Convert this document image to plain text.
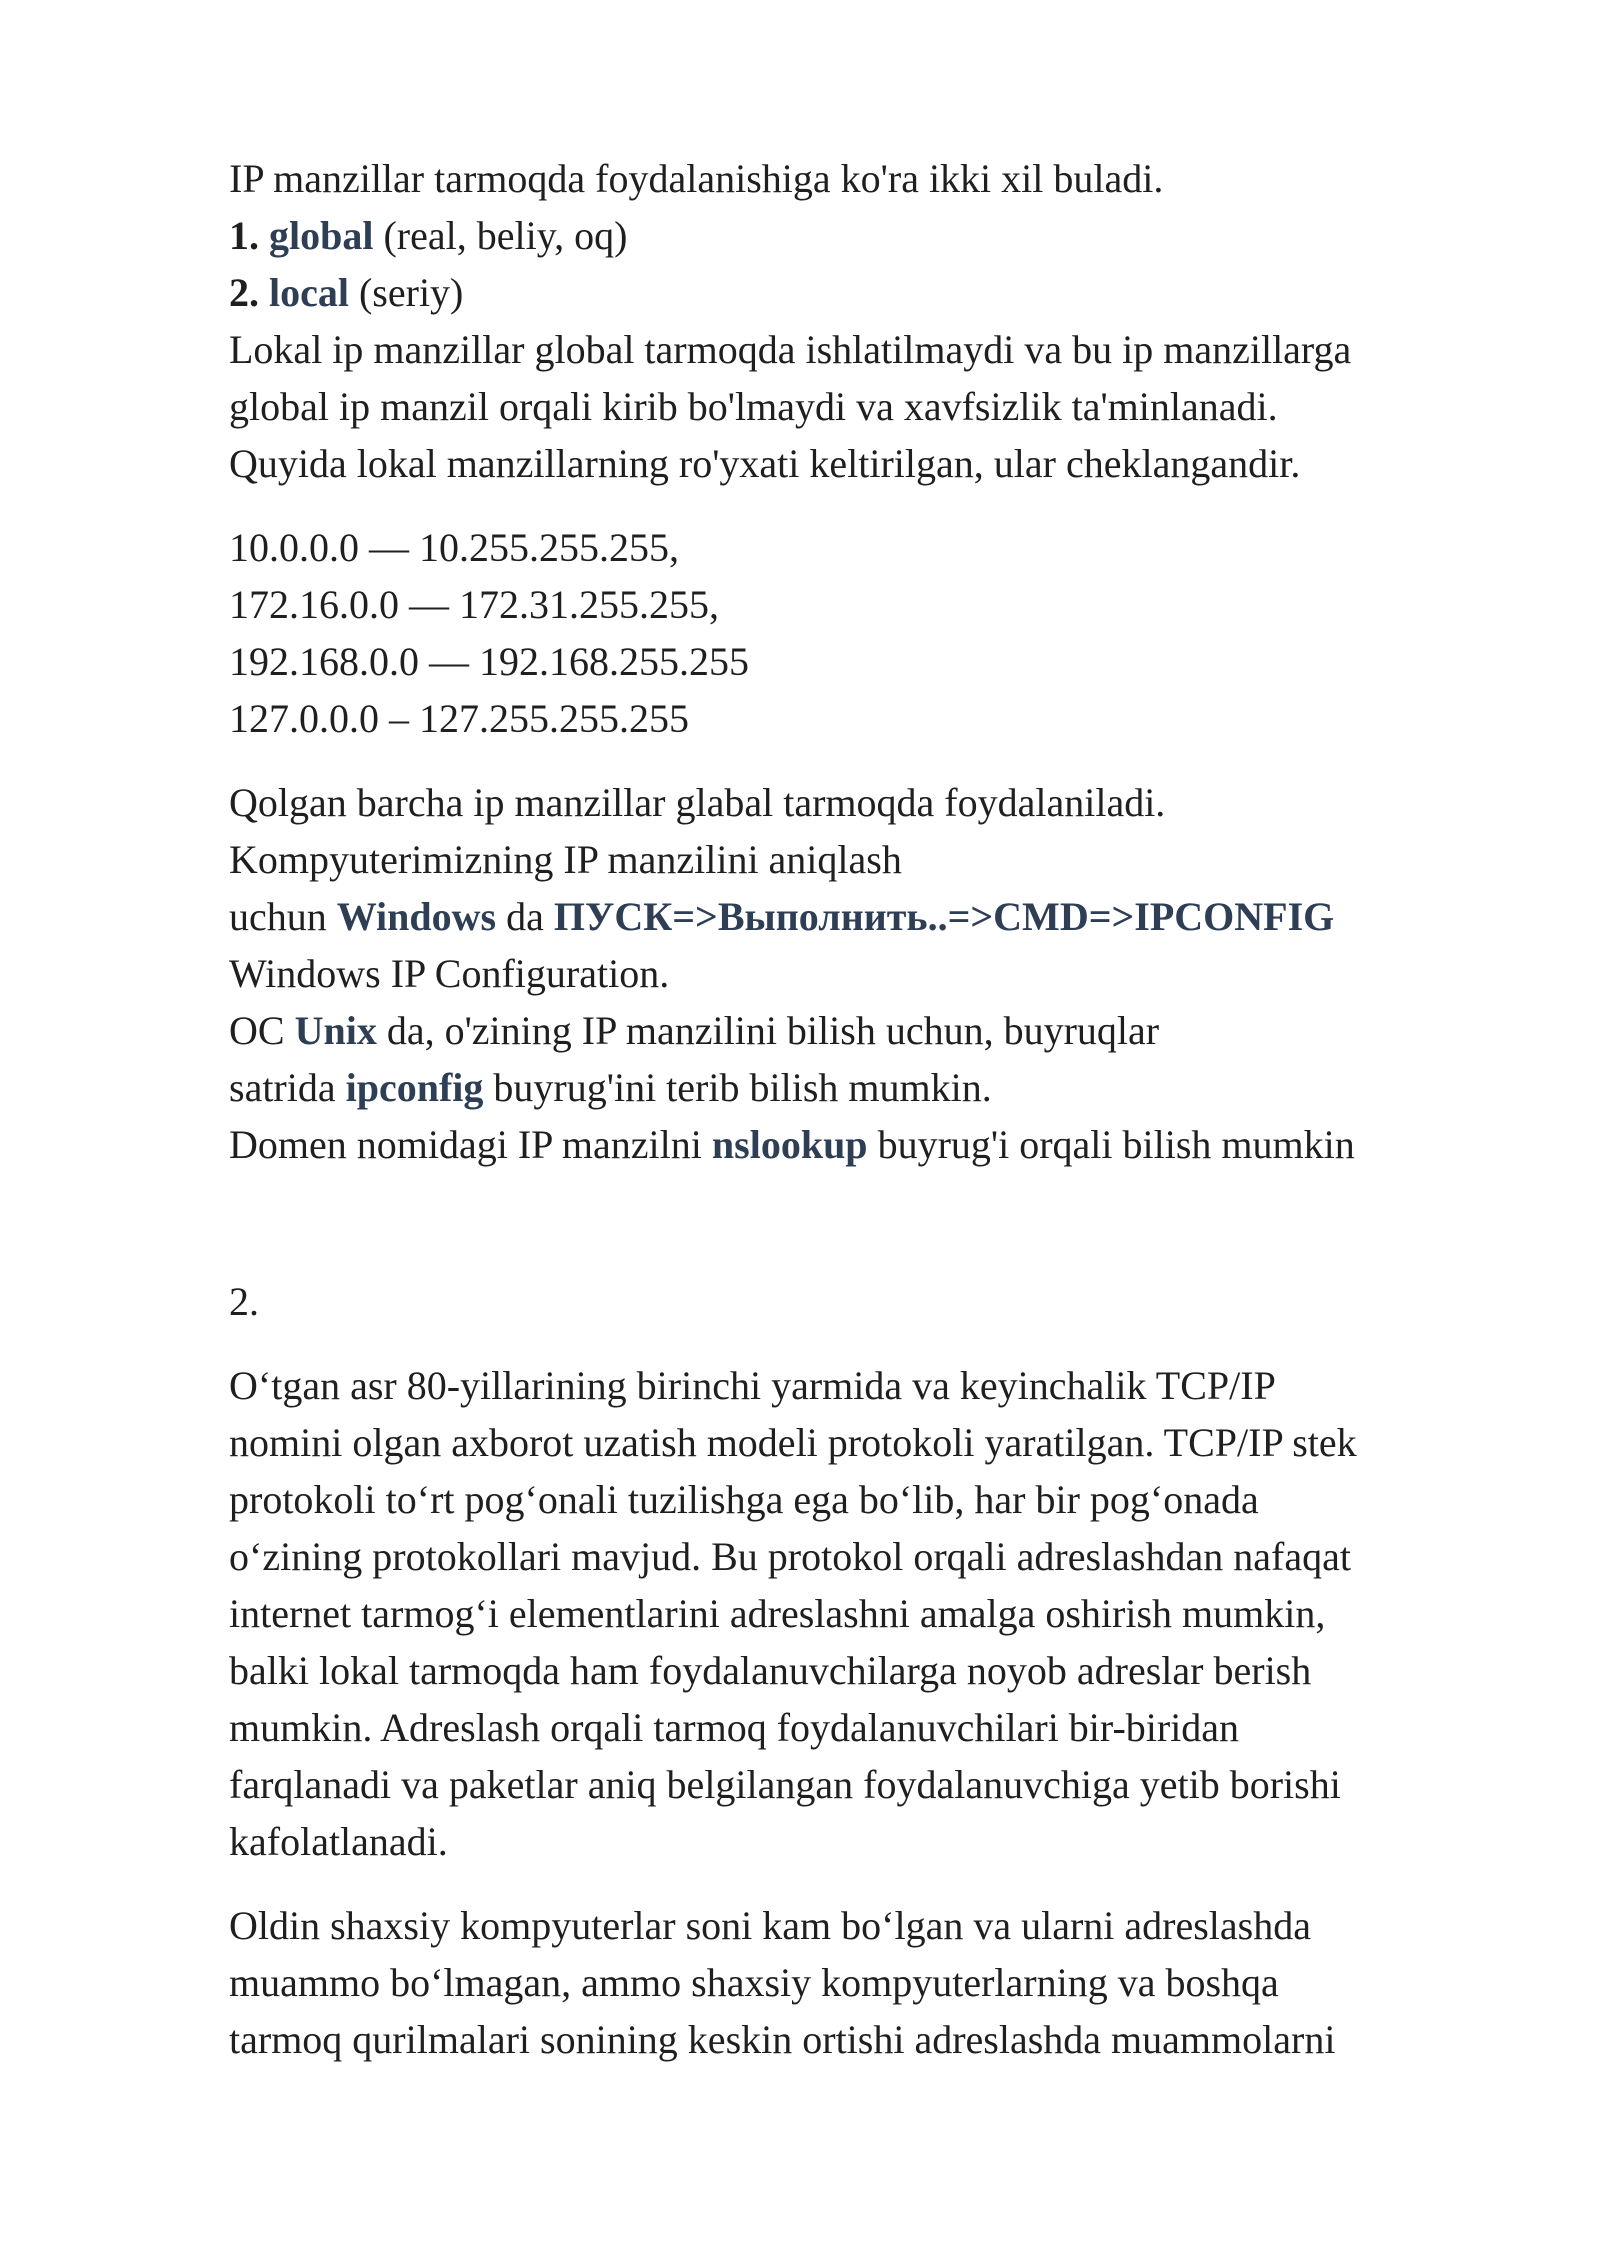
IP manzillar tarmoqda foydalanishiga ko'ra ikki xil buladi.
1. global (real, beliy, oq)
2. local (seriy)
Lokal ip manzillar global tarmoqda ishlatilmaydi va bu ip manzillarga
global ip manzil orqali kirib bo'lmaydi va xavfsizlik ta'minlanadi.
Quyida lokal manzillarning ro'yxati keltirilgan, ular cheklangandir.
10.0.0.0 — 10.255.255.255,
172.16.0.0 — 172.31.255.255,
192.168.0.0 — 192.168.255.255
127.0.0.0 – 127.255.255.255
Qolgan barcha ip manzillar glabal tarmoqda foydalaniladi.
Kompyuterimizning IP manzilini aniqlash
uchun Windows da ПУСК=>Выполнить..=>CMD=>IPCONFIG
Windows IP Configuration.
OC Unix da, o'zining IP manzilini bilish uchun, buyruqlar
satrida ipconfig buyrug'ini terib bilish mumkin.
Domen nomidagi IP manzilni nslookup buyrug'i orqali bilish mumkin
2.
O‘tgan asr 80-yillarining birinchi yarmida va keyinchalik TCP/IP
nomini olgan axborot uzatish modeli protokoli yaratilgan. TCP/IP stek
protokoli to‘rt pog‘onali tuzilishga ega bo‘lib, har bir pog‘onada
o‘zining protokollari mavjud. Bu protokol orqali adreslashdan nafaqat
internet tarmog‘i elementlarini adreslashni amalga oshirish mumkin,
balki lokal tarmoqda ham foydalanuvchilarga noyob adreslar berish
mumkin. Adreslash orqali tarmoq foydalanuvchilari bir-biridan
farqlanadi va paketlar aniq belgilangan foydalanuvchiga yetib borishi
kafolatlanadi.
Oldin shaxsiy kompyuterlar soni kam bo‘lgan va ularni adreslashda
muammo bo‘lmagan, ammo shaxsiy kompyuterlarning va boshqa
tarmoq qurilmalari sonining keskin ortishi adreslashda muammolarni
